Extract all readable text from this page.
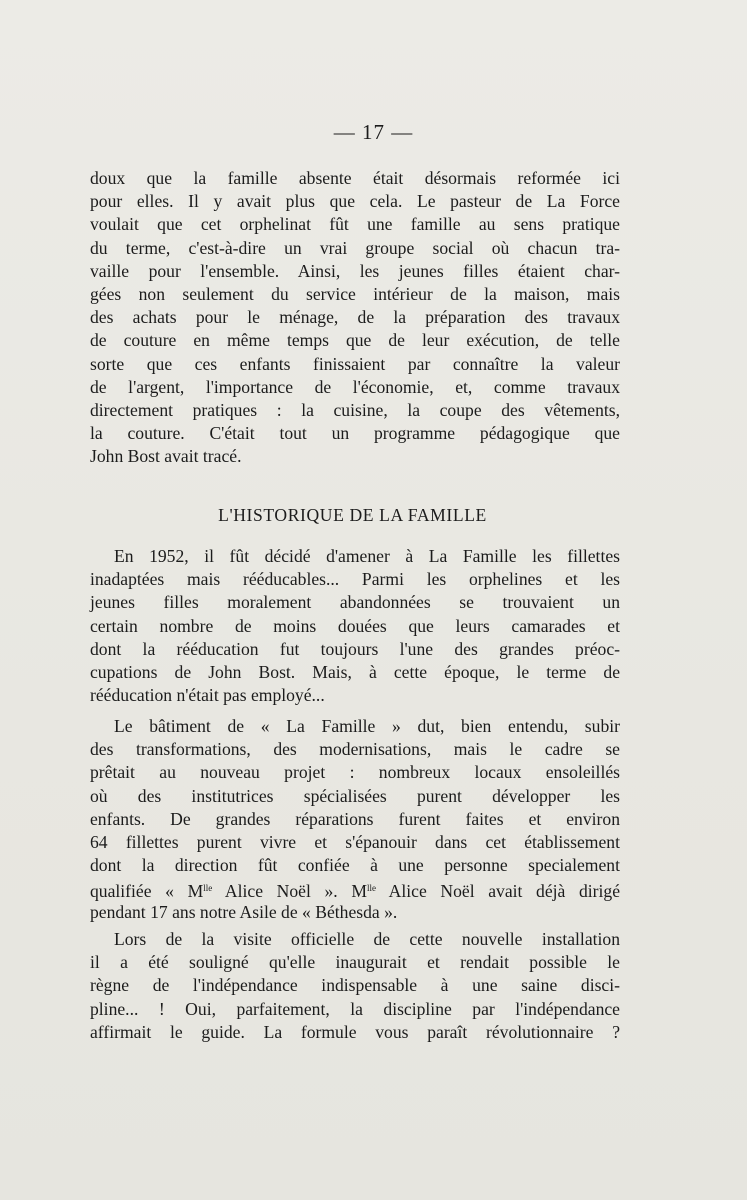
— 17 —
doux que la famille absente était désormais reformée ici
pour elles. Il y avait plus que cela. Le pasteur de La Force
voulait que cet orphelinat fût une famille au sens pratique
du terme, c'est-à-dire un vrai groupe social où chacun tra-
vaille pour l'ensemble. Ainsi, les jeunes filles étaient char-
gées non seulement du service intérieur de la maison, mais
des achats pour le ménage, de la préparation des travaux
de couture en même temps que de leur exécution, de telle
sorte que ces enfants finissaient par connaître la valeur
de l'argent, l'importance de l'économie, et, comme travaux
directement pratiques : la cuisine, la coupe des vêtements,
la couture. C'était tout un programme pédagogique que
John Bost avait tracé.
L'HISTORIQUE DE LA FAMILLE
En 1952, il fût décidé d'amener à La Famille les fillettes
inadaptées mais rééducables... Parmi les orphelines et les
jeunes filles moralement abandonnées se trouvaient un
certain nombre de moins douées que leurs camarades et
dont la rééducation fut toujours l'une des grandes préoc-
cupations de John Bost. Mais, à cette époque, le terme de
rééducation n'était pas employé...
Le bâtiment de « La Famille » dut, bien entendu, subir
des transformations, des modernisations, mais le cadre se
prêtait au nouveau projet : nombreux locaux ensoleillés
où des institutrices spécialisées purent développer les
enfants. De grandes réparations furent faites et environ
64 fillettes purent vivre et s'épanouir dans cet établissement
dont la direction fût confiée à une personne specialement
qualifiée « $M^{lle}$ Alice Noël ». $M^{lle}$ Alice Noël avait déjà dirigé
pendant 17 ans notre Asile de « Béthesda ».
Lors de la visite officielle de cette nouvelle installation
il a été souligné qu'elle inaugurait et rendait possible le
règne de l'indépendance indispensable à une saine disci-
pline... ! Oui, parfaitement, la discipline par l'indépendance
affirmait le guide. La formule vous paraît révolutionnaire ?
